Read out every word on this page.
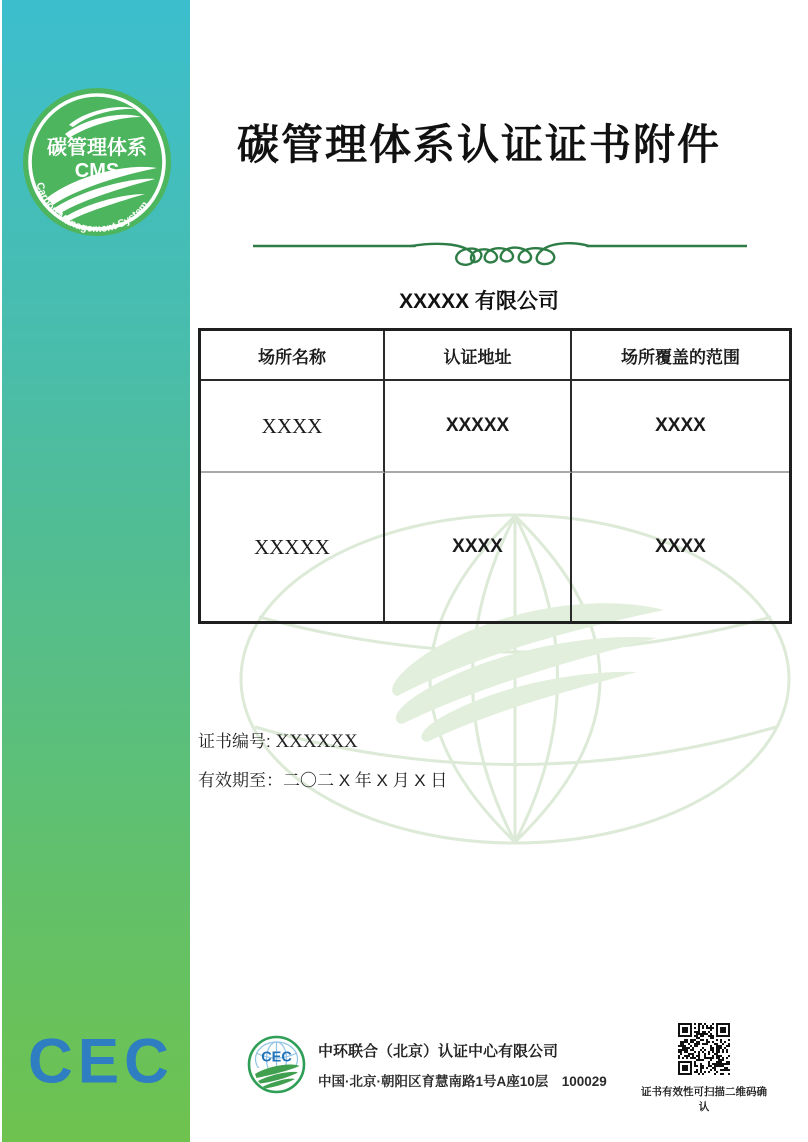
碳管理体系
CMS
Carbon Management System
CEC
碳管理体系认证证书附件
XXXXX 有限公司
场所名称	认证地址	场所覆盖的范围
XXXX	XXXXX	XXXX
XXXXX	XXXX	XXXX
证书编号: XXXXXX
有效期至：二〇二 X 年 X 月 X 日
CEC 中环联合（北京）认证中心有限公司
中国·北京·朝阳区育慧南路1号A座10层　100029
证书有效性可扫描二维码确认
